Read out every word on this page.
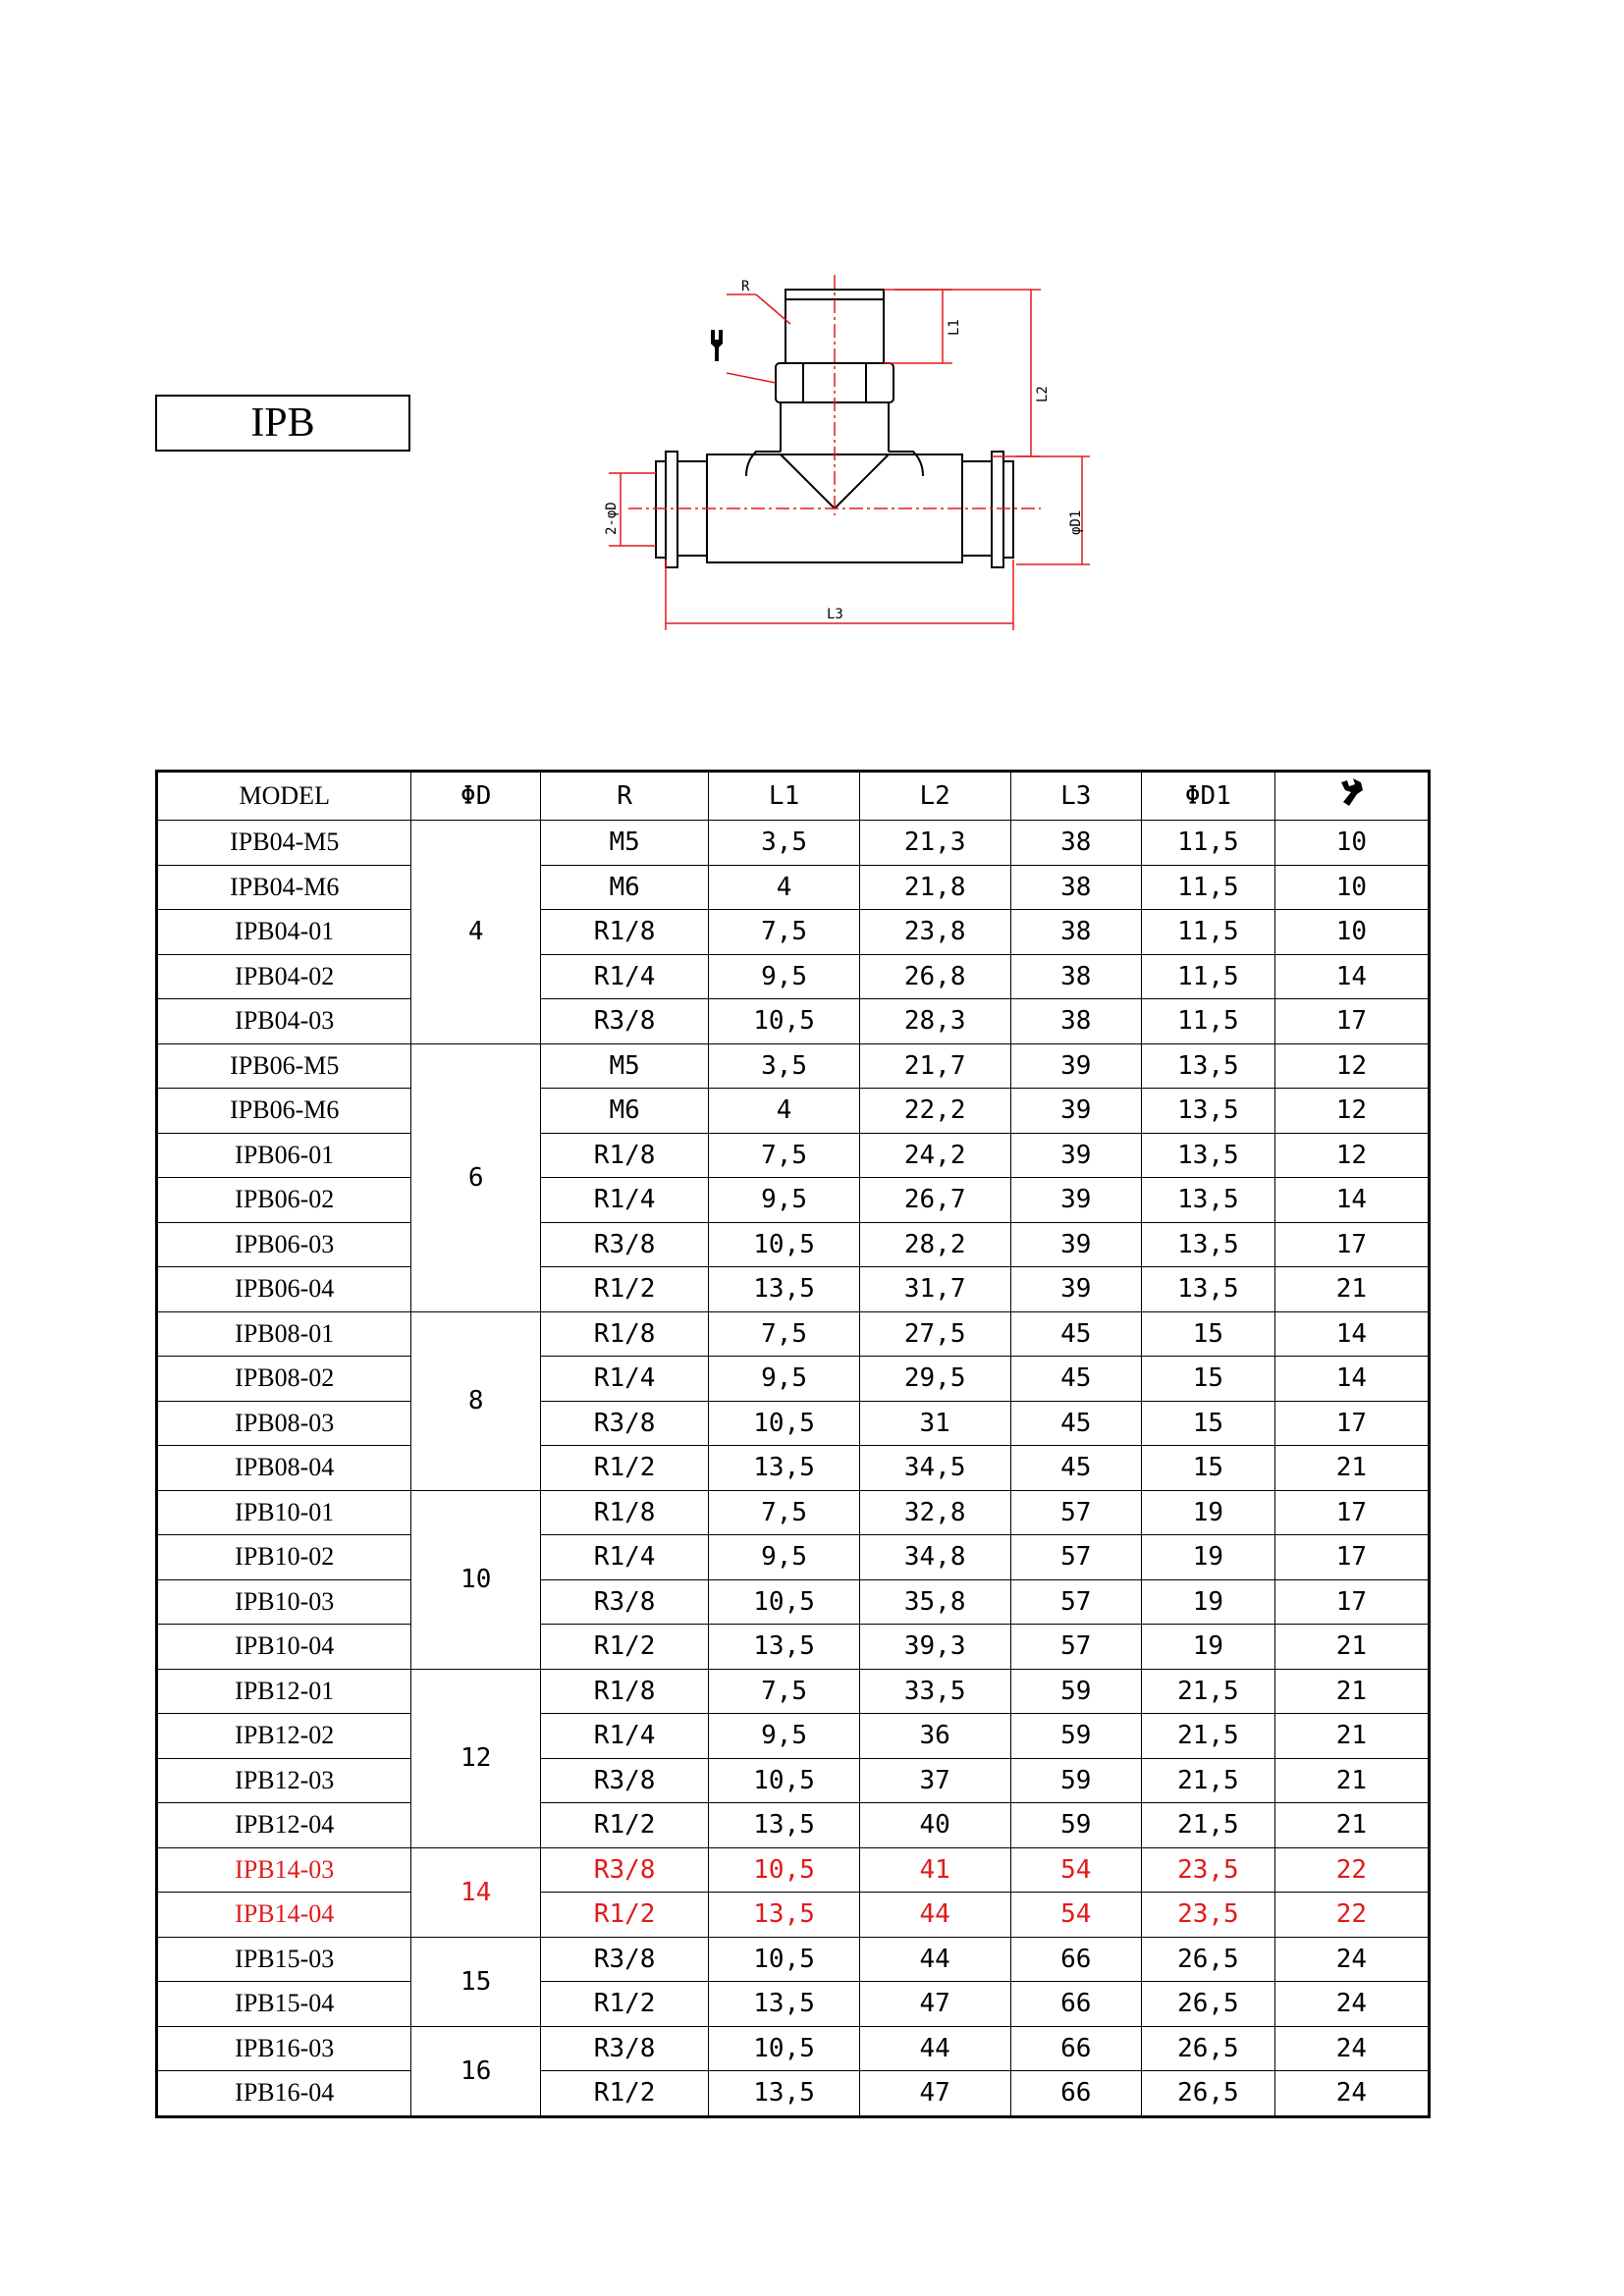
IPB
R
L1
L2
φD1
2-φD
L3
MODEL	ΦD	R	L1	L2	L3	ΦD1	
IPB04-M5	4	M5	3,5	21,3	38	11,5	10
IPB04-M6		M6	4	21,8	38	11,5	10
IPB04-01		R1/8	7,5	23,8	38	11,5	10
IPB04-02		R1/4	9,5	26,8	38	11,5	14
IPB04-03		R3/8	10,5	28,3	38	11,5	17
IPB06-M5	6	M5	3,5	21,7	39	13,5	12
IPB06-M6		M6	4	22,2	39	13,5	12
IPB06-01		R1/8	7,5	24,2	39	13,5	12
IPB06-02		R1/4	9,5	26,7	39	13,5	14
IPB06-03		R3/8	10,5	28,2	39	13,5	17
IPB06-04		R1/2	13,5	31,7	39	13,5	21
IPB08-01	8	R1/8	7,5	27,5	45	15	14
IPB08-02		R1/4	9,5	29,5	45	15	14
IPB08-03		R3/8	10,5	31	45	15	17
IPB08-04		R1/2	13,5	34,5	45	15	21
IPB10-01	10	R1/8	7,5	32,8	57	19	17
IPB10-02		R1/4	9,5	34,8	57	19	17
IPB10-03		R3/8	10,5	35,8	57	19	17
IPB10-04		R1/2	13,5	39,3	57	19	21
IPB12-01	12	R1/8	7,5	33,5	59	21,5	21
IPB12-02		R1/4	9,5	36	59	21,5	21
IPB12-03		R3/8	10,5	37	59	21,5	21
IPB12-04		R1/2	13,5	40	59	21,5	21
IPB14-03	14	R3/8	10,5	41	54	23,5	22
IPB14-04		R1/2	13,5	44	54	23,5	22
IPB15-03	15	R3/8	10,5	44	66	26,5	24
IPB15-04		R1/2	13,5	47	66	26,5	24
IPB16-03	16	R3/8	10,5	44	66	26,5	24
IPB16-04		R1/2	13,5	47	66	26,5	24
